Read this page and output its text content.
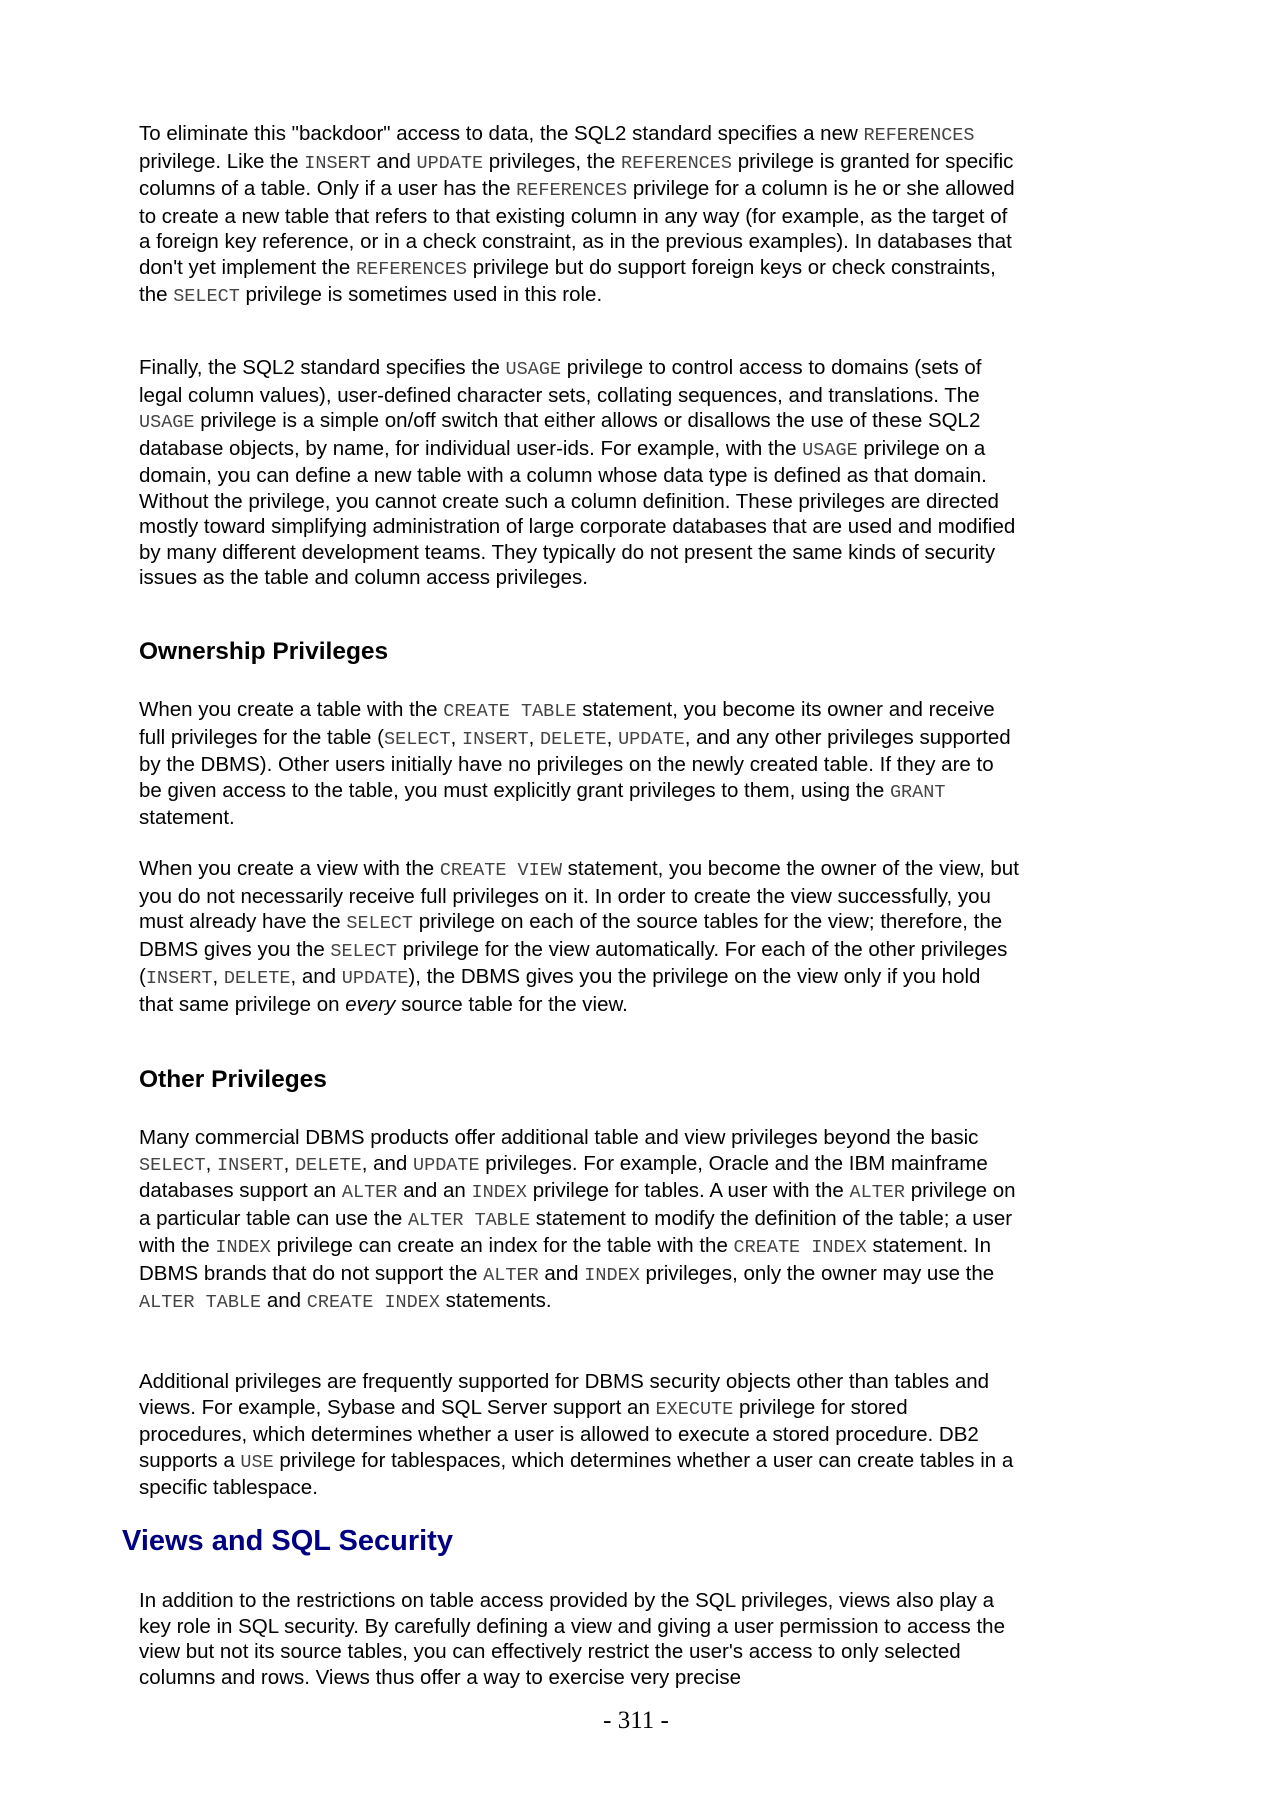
To eliminate this "backdoor" access to data, the SQL2 standard specifies a new REFERENCES privilege. Like the INSERT and UPDATE privileges, the REFERENCES privilege is granted for specific columns of a table. Only if a user has the REFERENCES privilege for a column is he or she allowed to create a new table that refers to that existing column in any way (for example, as the target of a foreign key reference, or in a check constraint, as in the previous examples). In databases that don't yet implement the REFERENCES privilege but do support foreign keys or check constraints, the SELECT privilege is sometimes used in this role.

Finally, the SQL2 standard specifies the USAGE privilege to control access to domains (sets of legal column values), user-defined character sets, collating sequences, and translations. The USAGE privilege is a simple on/off switch that either allows or disallows the use of these SQL2 database objects, by name, for individual user-ids. For example, with the USAGE privilege on a domain, you can define a new table with a column whose data type is defined as that domain. Without the privilege, you cannot create such a column definition. These privileges are directed mostly toward simplifying administration of large corporate databases that are used and modified by many different development teams. They typically do not present the same kinds of security issues as the table and column access privileges.

Ownership Privileges

When you create a table with the CREATE TABLE statement, you become its owner and receive full privileges for the table (SELECT, INSERT, DELETE, UPDATE, and any other privileges supported by the DBMS). Other users initially have no privileges on the newly created table. If they are to be given access to the table, you must explicitly grant privileges to them, using the GRANT statement.

When you create a view with the CREATE VIEW statement, you become the owner of the view, but you do not necessarily receive full privileges on it. In order to create the view successfully, you must already have the SELECT privilege on each of the source tables for the view; therefore, the DBMS gives you the SELECT privilege for the view automatically. For each of the other privileges (INSERT, DELETE, and UPDATE), the DBMS gives you the privilege on the view only if you hold that same privilege on every source table for the view.

Other Privileges

Many commercial DBMS products offer additional table and view privileges beyond the basic SELECT, INSERT, DELETE, and UPDATE privileges. For example, Oracle and the IBM mainframe databases support an ALTER and an INDEX privilege for tables. A user with the ALTER privilege on a particular table can use the ALTER TABLE statement to modify the definition of the table; a user with the INDEX privilege can create an index for the table with the CREATE INDEX statement. In DBMS brands that do not support the ALTER and INDEX privileges, only the owner may use the ALTER TABLE and CREATE INDEX statements.

Additional privileges are frequently supported for DBMS security objects other than tables and views. For example, Sybase and SQL Server support an EXECUTE privilege for stored procedures, which determines whether a user is allowed to execute a stored procedure. DB2 supports a USE privilege for tablespaces, which determines whether a user can create tables in a specific tablespace.

Views and SQL Security

In addition to the restrictions on table access provided by the SQL privileges, views also play a key role in SQL security. By carefully defining a view and giving a user permission to access the view but not its source tables, you can effectively restrict the user's access to only selected columns and rows. Views thus offer a way to exercise very precise

- 311 -
